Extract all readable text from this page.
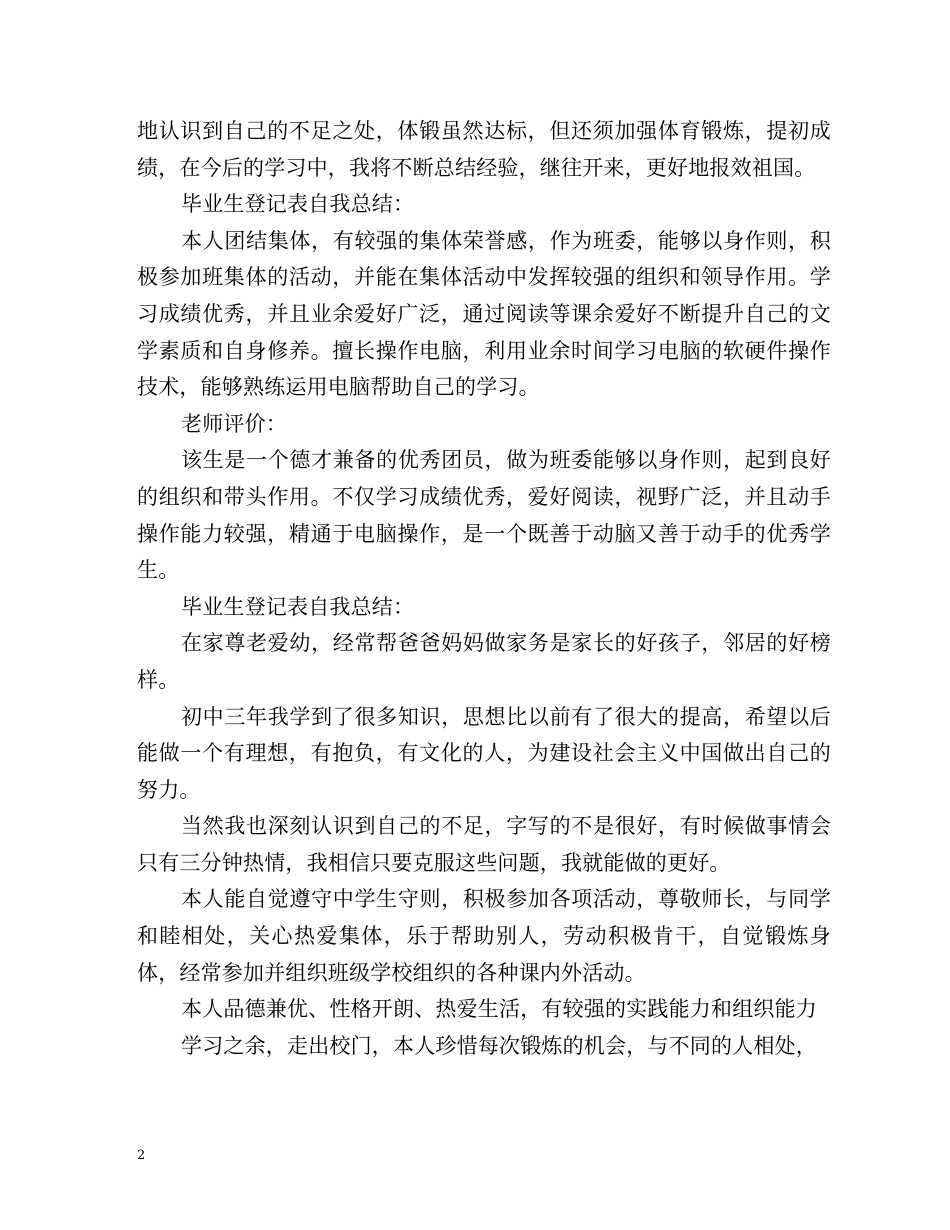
地认识到自己的不足之处，体锻虽然达标，但还须加强体育锻炼，提初成绩，在今后的学习中，我将不断总结经验，继往开来，更好地报效祖国。

毕业生登记表自我总结：

本人团结集体，有较强的集体荣誉感，作为班委，能够以身作则，积极参加班集体的活动，并能在集体活动中发挥较强的组织和领导作用。学习成绩优秀，并且业余爱好广泛，通过阅读等课余爱好不断提升自己的文学素质和自身修养。擅长操作电脑，利用业余时间学习电脑的软硬件操作技术，能够熟练运用电脑帮助自己的学习。

老师评价：

该生是一个德才兼备的优秀团员，做为班委能够以身作则，起到良好的组织和带头作用。不仅学习成绩优秀，爱好阅读，视野广泛，并且动手操作能力较强，精通于电脑操作，是一个既善于动脑又善于动手的优秀学生。

毕业生登记表自我总结：

在家尊老爱幼，经常帮爸爸妈妈做家务是家长的好孩子，邻居的好榜样。

初中三年我学到了很多知识，思想比以前有了很大的提高，希望以后能做一个有理想，有抱负，有文化的人，为建设社会主义中国做出自己的努力。

当然我也深刻认识到自己的不足，字写的不是很好，有时候做事情会只有三分钟热情，我相信只要克服这些问题，我就能做的更好。

本人能自觉遵守中学生守则，积极参加各项活动，尊敬师长，与同学和睦相处，关心热爱集体，乐于帮助别人，劳动积极肯干，自觉锻炼身体，经常参加并组织班级学校组织的各种课内外活动。

本人品德兼优、性格开朗、热爱生活，有较强的实践能力和组织能力

学习之余，走出校门，本人珍惜每次锻炼的机会，与不同的人相处，

2
